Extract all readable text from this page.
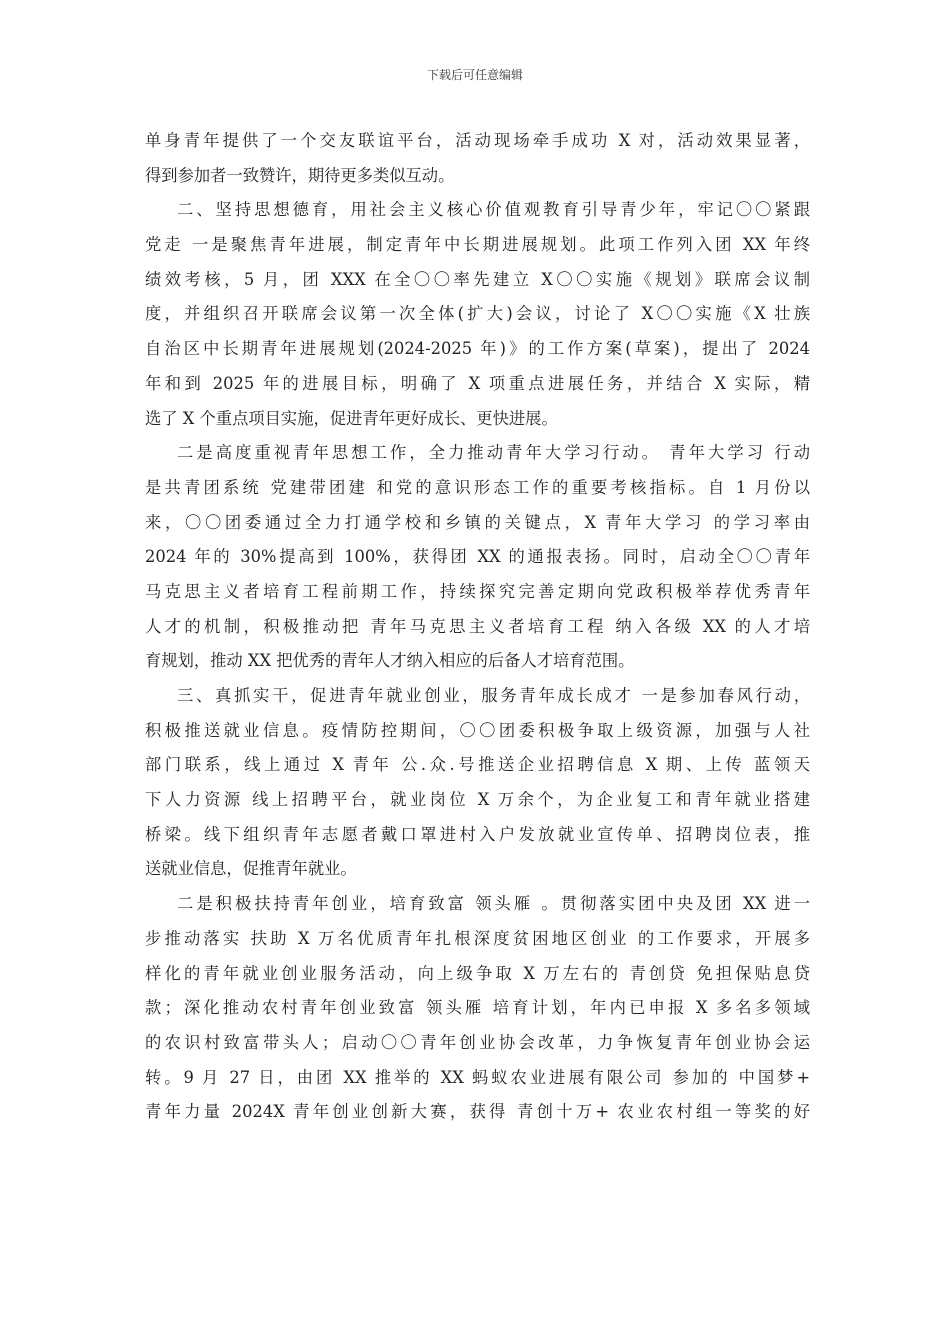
下载后可任意编辑
单身青年提供了一个交友联谊平台，活动现场牵手成功 X 对，活动效果显著，
得到参加者一致赞许，期待更多类似互动。
二、坚持思想德育，用社会主义核心价值观教育引导青少年，牢记〇〇紧跟
党走 一是聚焦青年进展，制定青年中长期进展规划。此项工作列入团 XX 年终
绩效考核，5 月，团 XXX 在全〇〇率先建立 X〇〇实施《规划》联席会议制
度，并组织召开联席会议第一次全体(扩大)会议，讨论了 X〇〇实施《X 壮族
自治区中长期青年进展规划(2024-2025 年)》的工作方案(草案)，提出了 2024
年和到 2025 年的进展目标，明确了 X 项重点进展任务，并结合 X 实际，精
选了 X 个重点项目实施，促进青年更好成长、更快进展。
二是高度重视青年思想工作，全力推动青年大学习行动。 青年大学习 行动
是共青团系统 党建带团建 和党的意识形态工作的重要考核指标。自 1 月份以
来，〇〇团委通过全力打通学校和乡镇的关键点，X 青年大学习 的学习率由
2024 年的 30%提高到 100%，获得团 XX 的通报表扬。同时，启动全〇〇青年
马克思主义者培育工程前期工作，持续探究完善定期向党政积极举荐优秀青年
人才的机制，积极推动把 青年马克思主义者培育工程 纳入各级 XX 的人才培
育规划，推动 XX 把优秀的青年人才纳入相应的后备人才培育范围。
三、真抓实干，促进青年就业创业，服务青年成长成才 一是参加春风行动，
积极推送就业信息。疫情防控期间，〇〇团委积极争取上级资源，加强与人社
部门联系，线上通过 X 青年 公.众.号推送企业招聘信息 X 期、上传 蓝领天
下人力资源 线上招聘平台，就业岗位 X 万余个，为企业复工和青年就业搭建
桥梁。线下组织青年志愿者戴口罩进村入户发放就业宣传单、招聘岗位表，推
送就业信息，促推青年就业。
二是积极扶持青年创业，培育致富 领头雁 。贯彻落实团中央及团 XX 进一
步推动落实 扶助 X 万名优质青年扎根深度贫困地区创业 的工作要求，开展多
样化的青年就业创业服务活动，向上级争取 X 万左右的 青创贷 免担保贴息贷
款；深化推动农村青年创业致富 领头雁 培育计划，年内已申报 X 多名多领域
的农识村致富带头人；启动〇〇青年创业协会改革，力争恢复青年创业协会运
转。9 月 27 日，由团 XX 推举的 XX 蚂蚁农业进展有限公司 参加的 中国梦+
青年力量 2024X 青年创业创新大赛，获得 青创十万+ 农业农村组一等奖的好
